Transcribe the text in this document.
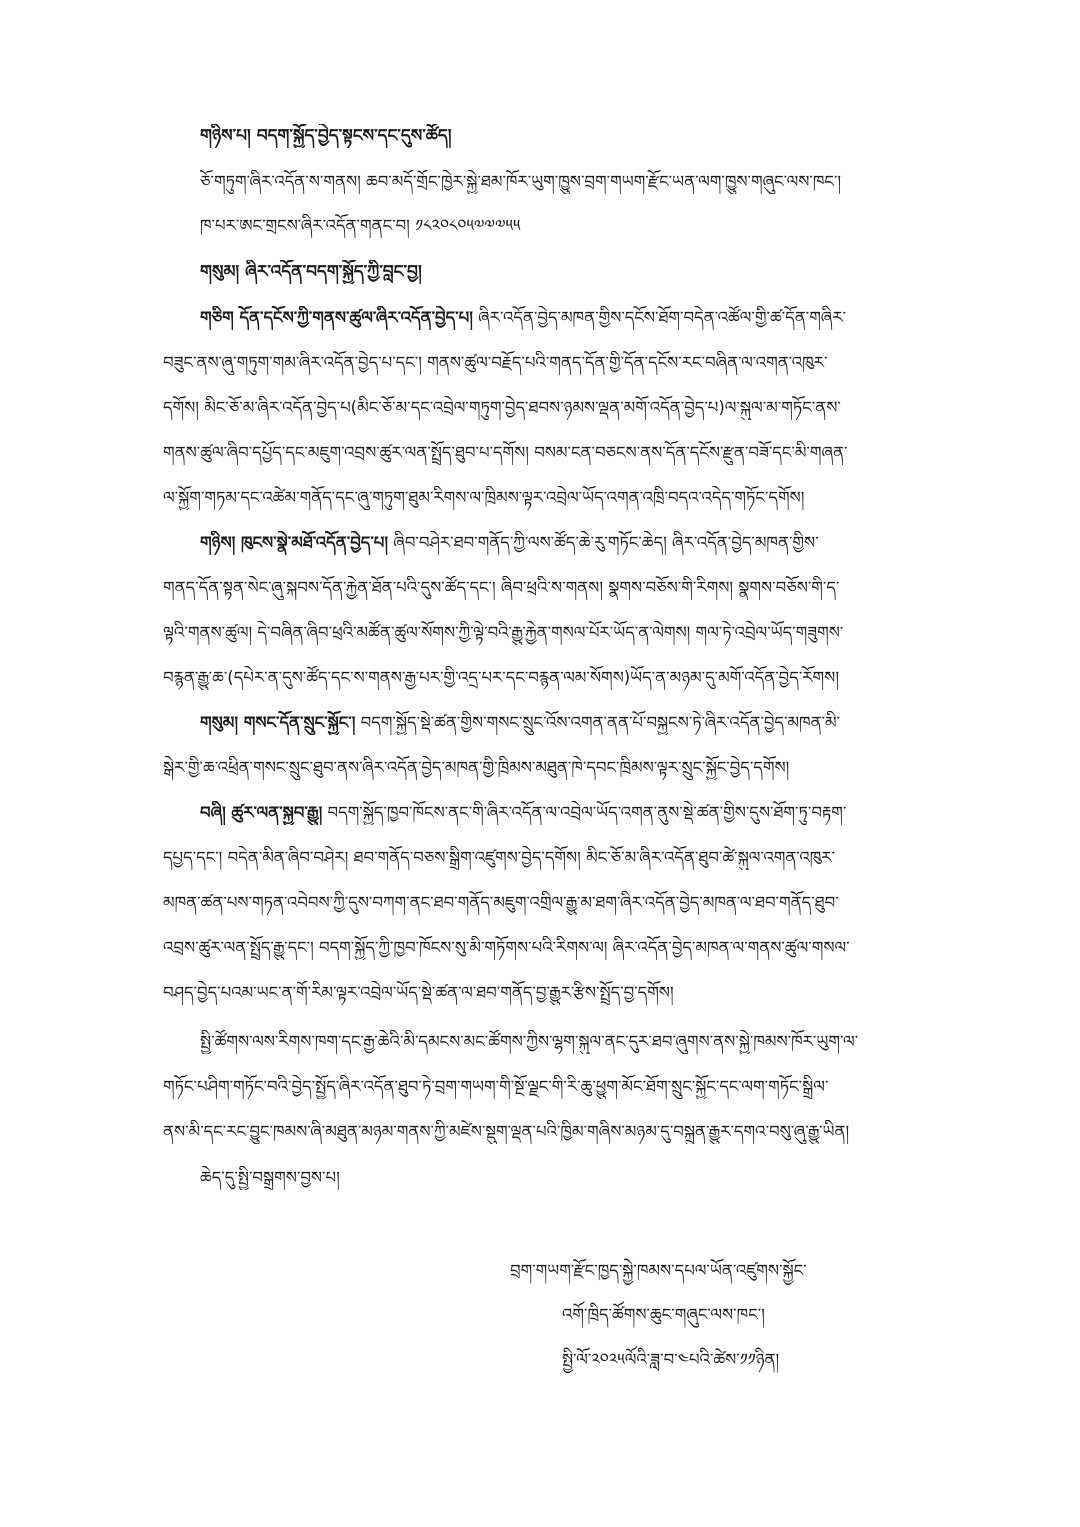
གཉིས་པ། བདག་སྐྱོད་བྱེད་སྟངས་དང་དུས་ཚོད།
ཅོ་གཏུག་ཞིར་འདོན་ས་གནས། ཆབ་མདོ་གྲོང་ཁྱེར་སྐྱེ་ཐམ་ཁོར་ཡུག་ཁྱུས་བྲག་གཡག་རྫོང་ཡན་ལག་ཁྱུས་གཞུང་ལས་ཁང་།
ཁ་པར་ཨང་གྲངས་ཞིར་འདོན་གནང་བ། ༡༨༢༠༨༠༥༧༧༧༥༥
གསུམ། ཞིར་འདོན་བདག་སྐྱོད་ཀྱི་བླང་བྱ།
གཅིག དོན་དངོས་ཀྱི་གནས་ཚུལ་ཞིར་འདོན་བྱེད་པ། ཞིར་འདོན་བྱེད་མཁན་གྱིས་དངོས་ཐོག་བདེན་འཚོལ་གྱི་ཚ་དོན་གཞིར་
བཟུང་ནས་ཞུ་གཏུག་གམ་ཞིར་འདོན་བྱེད་པ་དང་། གནས་ཚུལ་བརྗོད་པའི་གནད་དོན་གྱི་དོན་དངོས་རང་བཞིན་ལ་འགན་འཁུར་
དགོས། མིང་ཅོ་མ་ཞིར་འདོན་བྱེད་པ(མིང་ཅོ་མ་དང་འབྲེལ་གཏུག་བྱེད་ཐབས་ཉམས་ལྡན་མགོ་འདོན་བྱེད་པ)ལ་སྐུལ་མ་གཏོང་ནས་
གནས་ཚུལ་ཞིབ་དཔྱོད་དང་མཇུག་འབྲས་ཚུར་ལན་སྤྲོད་ཐུབ་པ་དགོས། བསམ་ངན་བཅངས་ནས་དོན་དངོས་རྫུན་བཟོ་དང་མི་གཞན་
ལ་སྐྱོག་གཏམ་དང་འཚེམ་གནོད་དང་ཞུ་གཏུག་ཐུམ་རིགས་ལ་ཁྲིམས་ལྟར་འབྲེལ་ཡོད་འགན་འཁྲི་བདའ་འདེད་གཏོང་དགོས།
གཉིས། ཁུངས་སྣེ་མཐོ་འདོན་བྱེད་པ། ཞིབ་བཤེར་ཐབ་གནོད་ཀྱི་ལས་ཚོད་ཆེ་རུ་གཏོང་ཆེད། ཞིར་འདོན་བྱེད་མཁན་གྱིས་
གནད་དོན་སྟན་སེང་ཞུ་སྐབས་དོན་རྐྱེན་ཐོན་པའི་དུས་ཚོད་དང་། ཞིབ་ཕྲའི་ས་གནས། སྣགས་བཅོས་གི་རིགས། སྣགས་བཅོས་གི་ད་
ལྟའི་གནས་ཚུལ། དེ་བཞིན་ཞིབ་ཕྲའི་མཚོན་ཚུལ་སོགས་ཀྱི་ལྟེ་བའི་རྒྱུ་རྐྱེན་གསལ་པོར་ཡོད་ན་ལེགས། གལ་ཏེ་འབྲེལ་ཡོད་གཟུགས་
བརྙན་རྒྱུ་ཆ་(དཔེར་ན་དུས་ཚོད་དང་ས་གནས་རྒྱ་པར་གྱི་འདྲ་པར་དང་བརྙན་ལམ་སོགས)ཡོད་ན་མཉམ་དུ་མགོ་འདོན་བྱེད་རོགས།
གསུམ། གསང་དོན་སྲུང་སྐྱོང་། བདག་སྐྱོད་སྡེ་ཚན་གྱིས་གསང་སྲུང་འོས་འགན་ནན་པོ་བསྐྱངས་ཏེ་ཞིར་འདོན་བྱེད་མཁན་མི་
སྒེར་གྱི་ཆ་འཕྲིན་གསང་སྲུང་ཐུབ་ནས་ཞིར་འདོན་བྱེད་མཁན་གྱི་ཁྲིམས་མཐུན་ཁེ་དབང་ཁྲིམས་ལྟར་སྲུང་སྐྱོང་བྱེད་དགོས།
བཞི། ཚུར་ལན་སྐྱབ་རྒྱུ། བདག་སྐྱོད་ཁྱབ་ཁོངས་ནང་གི་ཞིར་འདོན་ལ་འབྲེལ་ཡོད་འགན་ནུས་སྡེ་ཚན་གྱིས་དུས་ཐོག་ཏུ་བརྟག་
དཔྱད་དང་། བདེན་མིན་ཞིབ་བཤེར། ཐབ་གནོད་བཅས་སྒྲིག་འཛུགས་བྱེད་དགོས། མིང་ཅོ་མ་ཞིར་འདོན་ཐུབ་ཚེ་སྐུལ་འགན་འཁུར་
མཁན་ཚན་པས་གཏན་འབེབས་ཀྱི་དུས་བཀག་ནང་ཐབ་གནོད་མཇུག་འགྲིལ་རྒྱུ་མ་ཐག་ཞིར་འདོན་བྱེད་མཁན་ལ་ཐབ་གནོད་ཐུབ་
འབྲས་ཚུར་ལན་སྤྲོད་རྒྱུ་དང་། བདག་སྐྱོད་ཀྱི་ཁྱབ་ཁོངས་སུ་མི་གཏོགས་པའི་རིགས་ལ། ཞིར་འདོན་བྱེད་མཁན་ལ་གནས་ཚུལ་གསལ་
བཤད་བྱེད་པའམ་ཡང་ན་གོ་རིམ་ལྟར་འབྲེལ་ཡོད་སྡེ་ཚན་ལ་ཐབ་གནོད་བྱ་རྒྱུར་རྩིས་སྤྲོད་བྱ་དགོས།
སྤྱི་ཚོགས་ལས་རིགས་ཁག་དང་རྒྱ་ཆེའི་མི་དམངས་མང་ཚོགས་ཀྱིས་ལྷག་སྐུལ་ནང་དུར་ཐབ་ཞུགས་ནས་སྐྱེ་ཁམས་ཁོར་ཡུག་ལ་
གཏོང་པཤིག་གཏོང་བའི་བྱེད་སྤྱོད་ཞིར་འདོན་ཐུབ་ཏེ་བྲག་གཡག་གི་སྔོ་ལྗང་གི་རི་ཆུ་ཕྱུག་མོང་ཐོག་སྲུང་སྐྱོང་དང་ལག་གཏོང་སྒྲིལ་
ནས་མི་དང་རང་བྱུང་ཁམས་ཞི་མཐུན་མཉམ་གནས་ཀྱི་མཛེས་སྡུག་ལྡན་པའི་ཁྱིམ་གཞིས་མཉམ་དུ་བསྐྲུན་རྒྱུར་དགའ་བསུ་ཞུ་རྒྱུ་ཡིན།
ཆེད་དུ་སྤྱི་བསྒྲགས་བྱས་པ།
བྲག་གཡག་རྫོང་ཁྱད་སྐྱེ་ཁམས་དཔལ་ཡོན་འཛུགས་སྐྱོང་
འགོ་ཁྲིད་ཚོགས་ཆུང་གཞུང་ལས་ཁང་།
སྤྱི་ལོ་༢༠༢༥ལོའི་ཟླ་བ་༤པའི་ཚེས་༡༡ཉིན།
